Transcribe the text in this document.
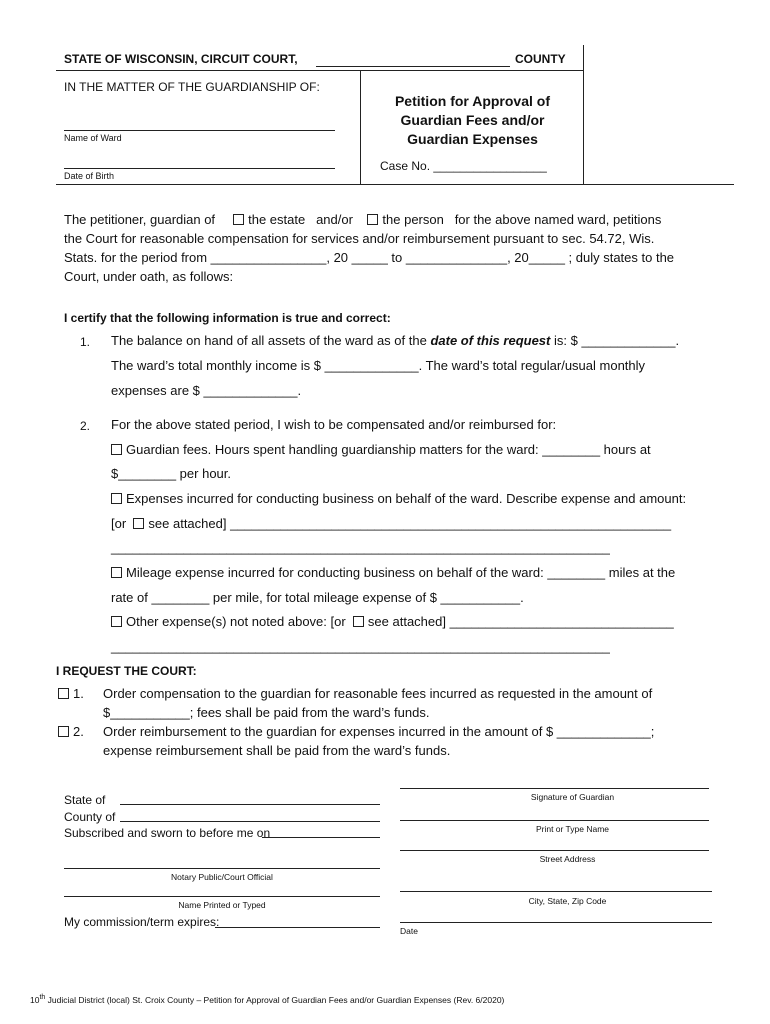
STATE OF WISCONSIN, CIRCUIT COURT,	COUNTY
IN THE MATTER OF THE GUARDIANSHIP OF:
Name of Ward
Date of Birth
Petition for Approval of
Guardian Fees and/or
Guardian Expenses
Case No. _________________
The petitioner, guardian of	the estate and/or the person for the above named ward, petitions
the Court for reasonable compensation for services and/or reimbursement pursuant to sec. 54.72, Wis.
Stats. for the period from ________________, 20 _____ to ______________, 20_____ ; duly states to the
Court, under oath, as follows:
I certify that the following information is true and correct:
1. The balance on hand of all assets of the ward as of the date of this request is: $ _____________.
The ward’s total monthly income is $ _____________. The ward’s total regular/usual monthly
expenses are $ _____________.
2. For the above stated period, I wish to be compensated and/or reimbursed for:
Guardian fees. Hours spent handling guardianship matters for the ward: ________ hours at
$________ per hour.
Expenses incurred for conducting business on behalf of the ward. Describe expense and amount:
[or see attached] _____________________________________________________________
_____________________________________________________________________
Mileage expense incurred for conducting business on behalf of the ward: ________ miles at the
rate of ________ per mile, for total mileage expense of $ ___________.
Other expense(s) not noted above: [or see attached] _______________________________
_____________________________________________________________________
I REQUEST THE COURT:
1. Order compensation to the guardian for reasonable fees incurred as requested in the amount of
$___________; fees shall be paid from the ward’s funds.
2. Order reimbursement to the guardian for expenses incurred in the amount of $ _____________;
expense reimbursement shall be paid from the ward’s funds.
State of
County of
Subscribed and sworn to before me on
Notary Public/Court Official
Name Printed or Typed
My commission/term expires:
Signature of Guardian
Print or Type Name
Street Address
City, State, Zip Code
Date
10th Judicial District (local) St. Croix County – Petition for Approval of Guardian Fees and/or Guardian Expenses (Rev. 6/2020)
